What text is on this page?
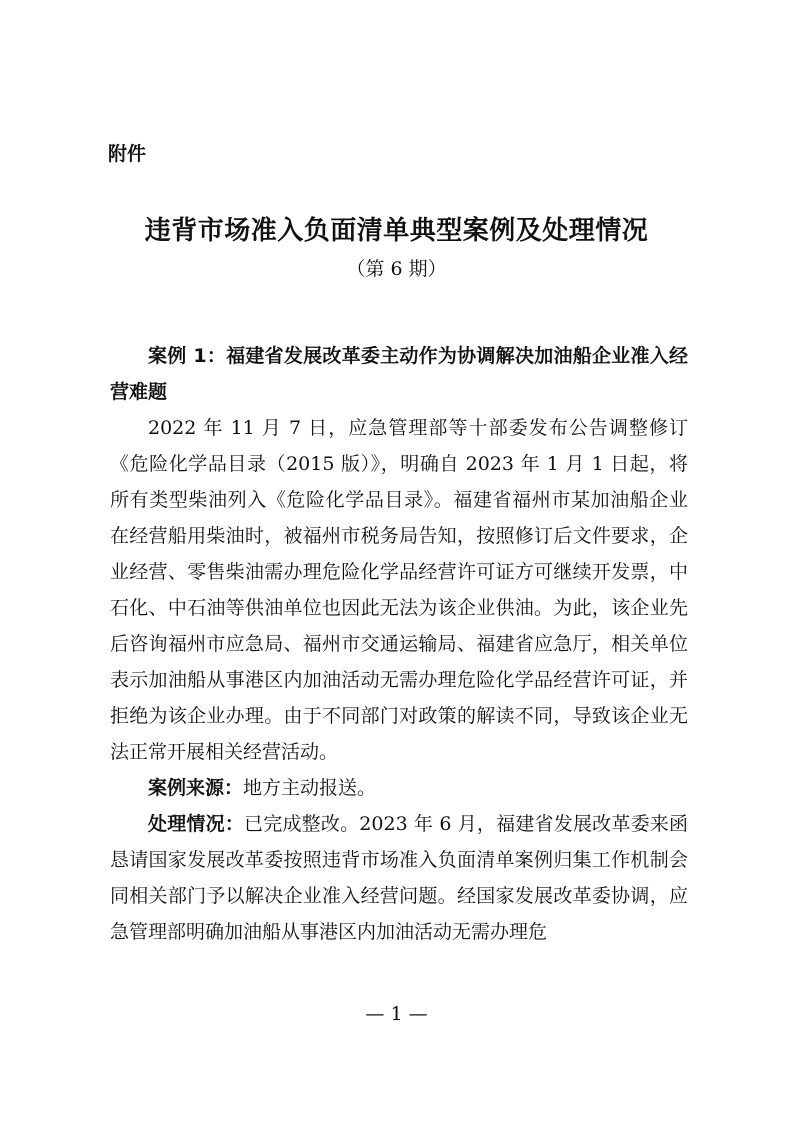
附件
违背市场准入负面清单典型案例及处理情况
（第 6 期）

案例 1：福建省发展改革委主动作为协调解决加油船企业准入经营难题

2022 年 11 月 7 日，应急管理部等十部委发布公告调整修订《危险化学品目录（2015 版）》，明确自 2023 年 1 月 1 日起，将所有类型柴油列入《危险化学品目录》。福建省福州市某加油船企业在经营船用柴油时，被福州市税务局告知，按照修订后文件要求，企业经营、零售柴油需办理危险化学品经营许可证方可继续开发票，中石化、中石油等供油单位也因此无法为该企业供油。为此，该企业先后咨询福州市应急局、福州市交通运输局、福建省应急厅，相关单位表示加油船从事港区内加油活动无需办理危险化学品经营许可证，并拒绝为该企业办理。由于不同部门对政策的解读不同，导致该企业无法正常开展相关经营活动。

案例来源：地方主动报送。

处理情况：已完成整改。2023 年 6 月，福建省发展改革委来函恳请国家发展改革委按照违背市场准入负面清单案例归集工作机制会同相关部门予以解决企业准入经营问题。经国家发展改革委协调，应急管理部明确加油船从事港区内加油活动无需办理危

— 1 —
